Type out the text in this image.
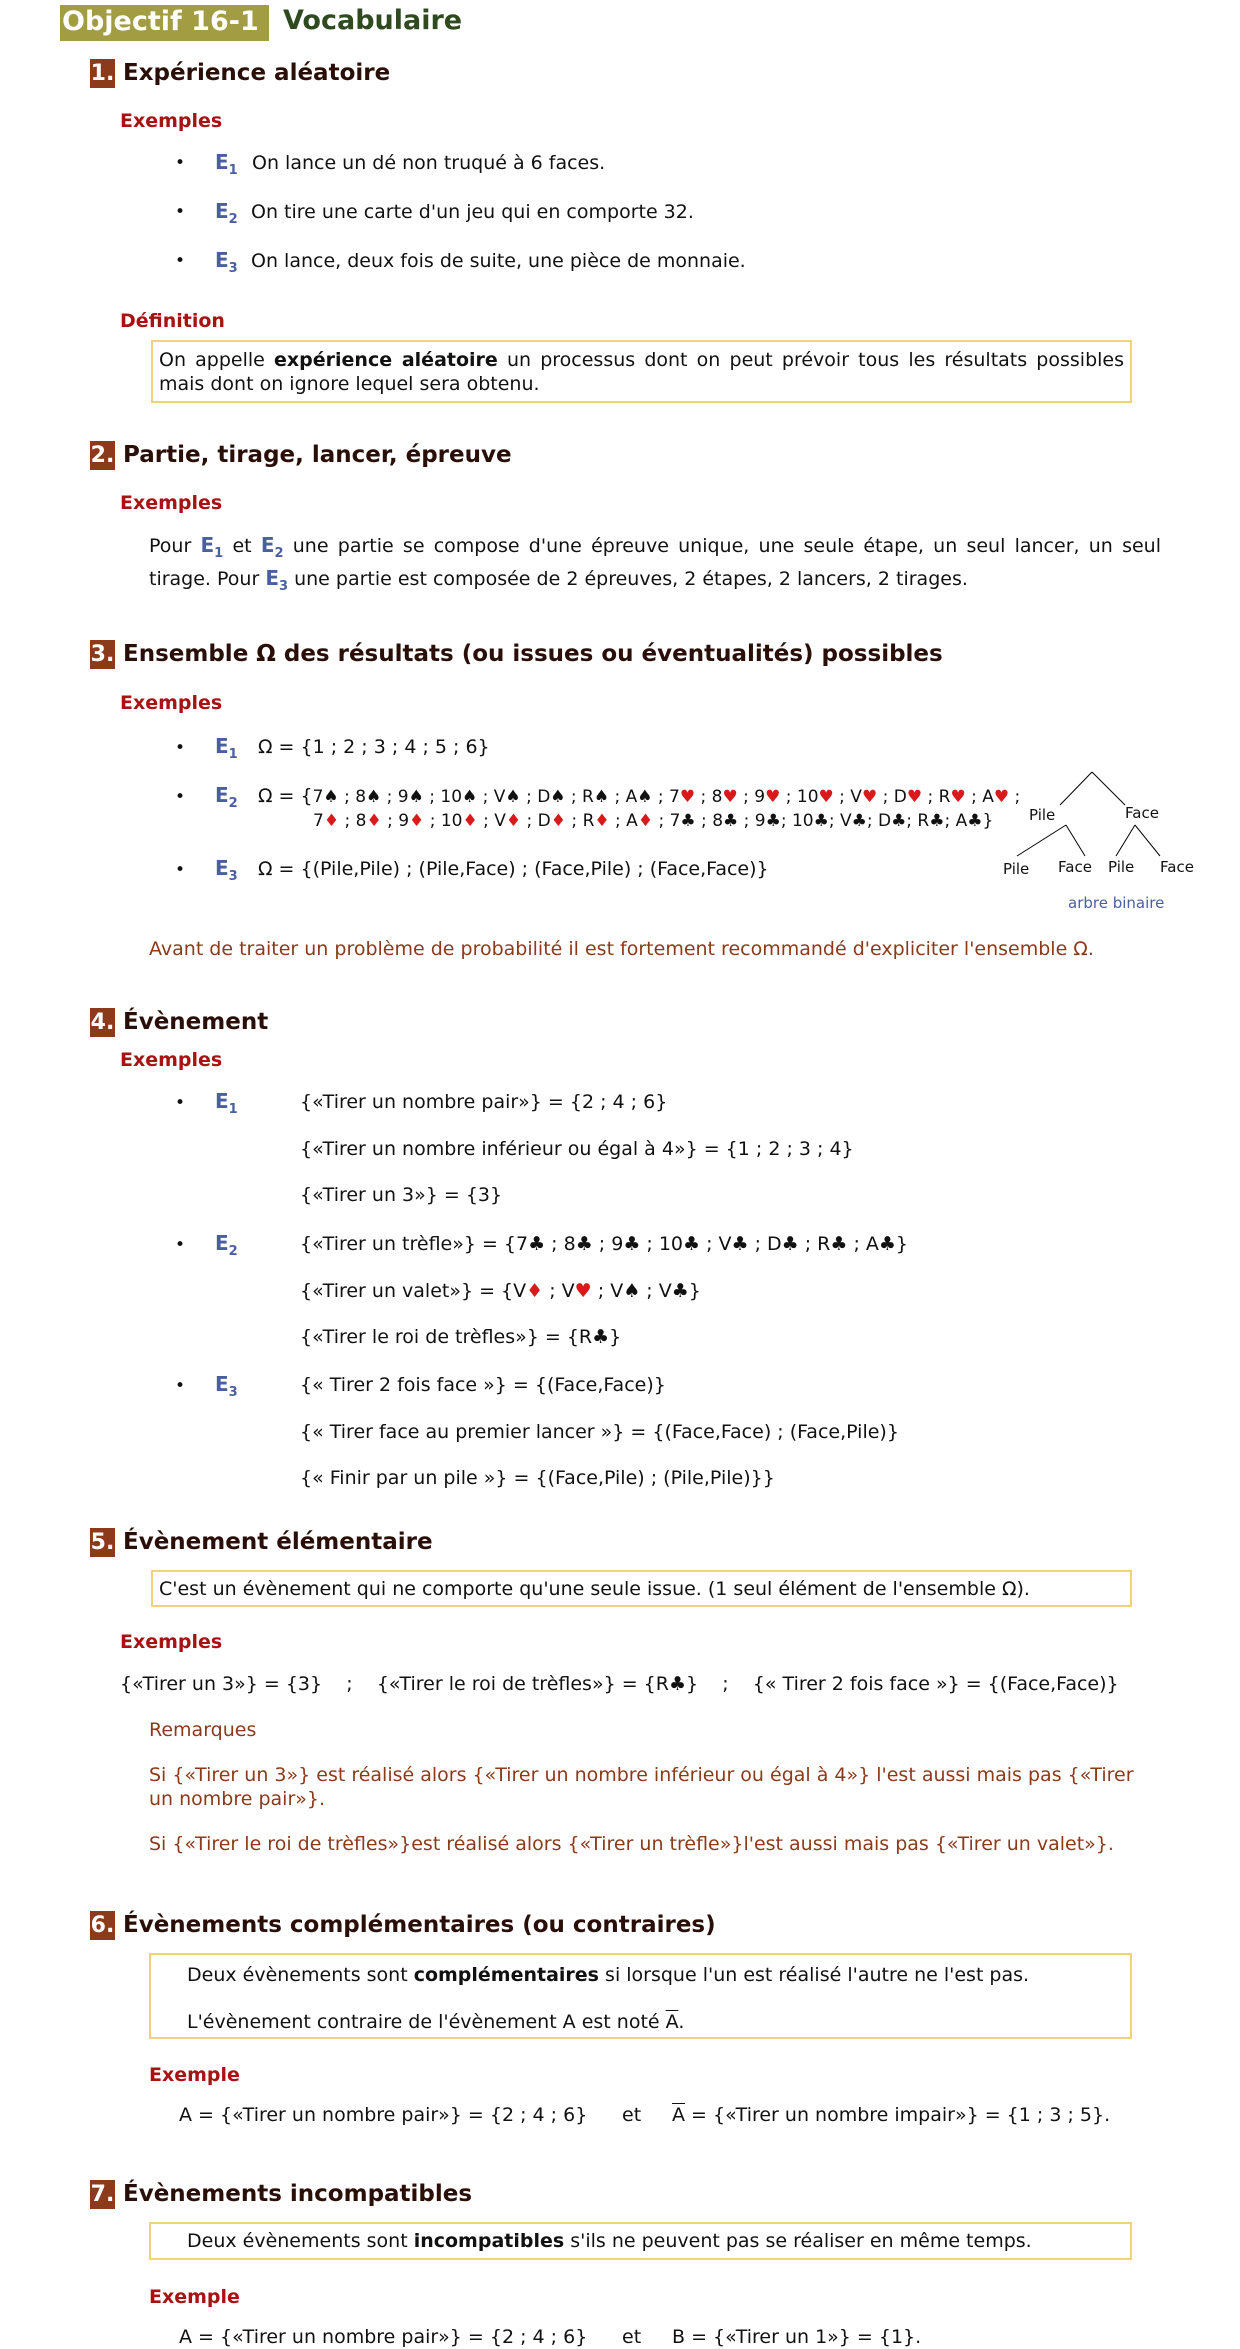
Objectif 16-1 Vocabulaire
1. Expérience aléatoire
Exemples
• $E_1$ On lance un dé non truqué à 6 faces.
• $E_2$ On tire une carte d'un jeu qui en comporte 32.
• $E_3$ On lance, deux fois de suite, une pièce de monnaie.
Définition
On appelle expérience aléatoire un processus dont on peut prévoir tous les résultats possibles mais dont on ignore lequel sera obtenu.
2. Partie, tirage, lancer, épreuve
Exemples
Pour $E_1$ et $E_2$ une partie se compose d'une épreuve unique, une seule étape, un seul lancer, un seul tirage. Pour $E_3$ une partie est composée de 2 épreuves, 2 étapes, 2 lancers, 2 tirages.
3. Ensemble Ω des résultats (ou issues ou éventualités) possibles
Exemples
• $E_1$ Ω = {1 ; 2 ; 3 ; 4 ; 5 ; 6}
• $E_2$ Ω = {7♠ ; 8♠ ; 9♠ ; 10♠ ; V♠ ; D♠ ; R♠ ; A♠ ; 7♥ ; 8♥ ; 9♥ ; 10♥ ; V♥ ; D♥ ; R♥ ; A♥ ;
7♦ ; 8♦ ; 9♦ ; 10♦ ; V♦ ; D♦ ; R♦ ; A♦ ; 7♣ ; 8♣ ; 9♣; 10♣; V♣; D♣; R♣; A♣}
• $E_3$ Ω = {(Pile,Pile) ; (Pile,Face) ; (Face,Pile) ; (Face,Face)}
Pile	Face
Pile Face Pile Face
arbre binaire
Avant de traiter un problème de probabilité il est fortement recommandé d'expliciter l'ensemble Ω.
4. Évènement
Exemples
• $E_1$	{«Tirer un nombre pair»} = {2 ; 4 ; 6}
{«Tirer un nombre inférieur ou égal à 4»} = {1 ; 2 ; 3 ; 4}
{«Tirer un 3»} = {3}
• $E_2$	{«Tirer un trèfle»} = {7♣ ; 8♣ ; 9♣ ; 10♣ ; V♣ ; D♣ ; R♣ ; A♣}
{«Tirer un valet»} = {V♦ ; V♥ ; V♠ ; V♣}
{«Tirer le roi de trèfles»} = {R♣}
• $E_3$	{« Tirer 2 fois face »} = {(Face,Face)}
{« Tirer face au premier lancer »} = {(Face,Face) ; (Face,Pile)}
{« Finir par un pile »} = {(Face,Pile) ; (Pile,Pile)}}
5. Évènement élémentaire
C'est un évènement qui ne comporte qu'une seule issue. (1 seul élément de l'ensemble Ω).
Exemples
{«Tirer un 3»} = {3}    ;    {«Tirer le roi de trèfles»} = {R♣}    ;    {« Tirer 2 fois face »} = {(Face,Face)}
Remarques
Si {«Tirer un 3»} est réalisé alors {«Tirer un nombre inférieur ou égal à 4»} l'est aussi mais pas {«Tirer un nombre pair»}.
Si {«Tirer le roi de trèfles»}est réalisé alors {«Tirer un trèfle»}l'est aussi mais pas {«Tirer un valet»}.
6. Évènements complémentaires (ou contraires)
Deux évènements sont complémentaires si lorsque l'un est réalisé l'autre ne l'est pas.
L'évènement contraire de l'évènement A est noté $\overline{A}$.
Exemple
A = {«Tirer un nombre pair»} = {2 ; 4 ; 6} et $\overline{A}$ = {«Tirer un nombre impair»} = {1 ; 3 ; 5}.
7. Évènements incompatibles
Deux évènements sont incompatibles s'ils ne peuvent pas se réaliser en même temps.
Exemple
A = {«Tirer un nombre pair»} = {2 ; 4 ; 6} et B = {«Tirer un 1»} = {1}.
